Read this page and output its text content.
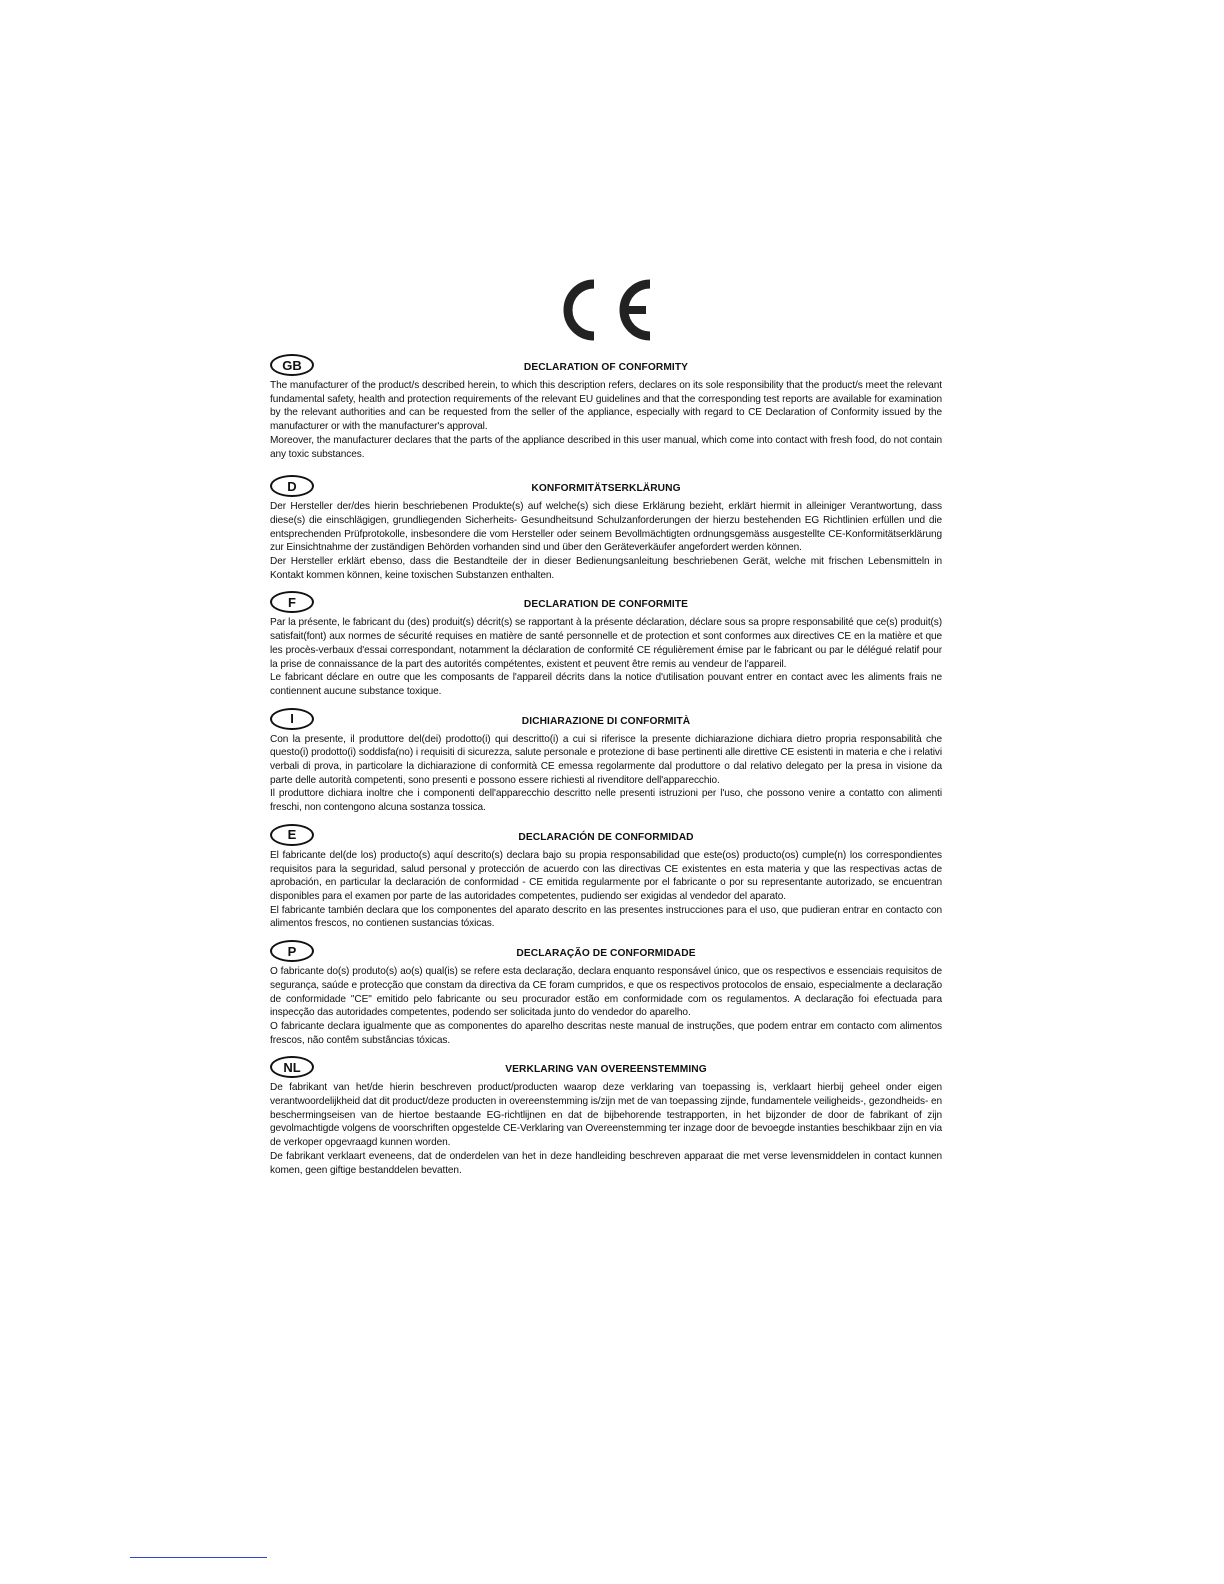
GB	DECLARATION OF CONFORMITY

The manufacturer of the product/s described herein, to which this description refers, declares on its sole responsibility that the product/s meet the relevant fundamental safety, health and protection requirements of the relevant EU guidelines and that the corresponding test reports are available for examination by the relevant authorities and can be requested from the seller of the appliance, especially with regard to CE Declaration of Conformity issued by the manufacturer or with the manufacturer's approval.

Moreover, the manufacturer declares that the parts of the appliance described in this user manual, which come into contact with fresh food, do not contain any toxic substances.

D	KONFORMITÄTSERKLÄRUNG

Der Hersteller der/des hierin beschriebenen Produkte(s) auf welche(s) sich diese Erklärung bezieht, erklärt hiermit in alleiniger Verantwortung, dass diese(s) die einschlägigen, grundliegenden Sicherheits- Gesundheitsund Schulzanforderungen der hierzu bestehenden EG Richtlinien erfüllen und die entsprechenden Prüfprotokolle, insbesondere die vom Hersteller oder seinem Bevollmächtigten ordnungsgemäss ausgestellte CE-Konformitätserklärung zur Einsichtnahme der zuständigen Behörden vorhanden sind und über den Geräteverkäufer angefordert werden können.

Der Hersteller erklärt ebenso, dass die Bestandteile der in dieser Bedienungsanleitung beschriebenen Gerät, welche mit frischen Lebensmitteln in Kontakt kommen können, keine toxischen Substanzen enthalten.

F	DECLARATION DE CONFORMITE

Par la présente, le fabricant du (des) produit(s) décrit(s) se rapportant à la présente déclaration, déclare sous sa propre responsabilité que ce(s) produit(s) satisfait(font) aux normes de sécurité requises en matière de santé personnelle et de protection et sont conformes aux directives CE en la matière et que les procès-verbaux d'essai correspondant, notamment la déclaration de conformité CE régulièrement émise par le fabricant ou par le délégué relatif pour la prise de connaissance de la part des autorités compétentes, existent et peuvent être remis au vendeur de l'appareil.

Le fabricant déclare en outre que les composants de l'appareil décrits dans la notice d'utilisation pouvant entrer en contact avec les aliments frais ne contiennent aucune substance toxique.

I	DICHIARAZIONE DI CONFORMITÀ

Con la presente, il produttore del(dei) prodotto(i) qui descritto(i) a cui si riferisce la presente dichiarazione dichiara dietro propria responsabilità che questo(i) prodotto(i) soddisfa(no) i requisiti di sicurezza, salute personale e protezione di base pertinenti alle direttive CE esistenti in materia e che i relativi verbali di prova, in particolare la dichiarazione di conformità CE emessa regolarmente dal produttore o dal relativo delegato per la presa in visione da parte delle autorità competenti, sono presenti e possono essere richiesti al rivenditore dell'apparecchio.

Il produttore dichiara inoltre che i componenti dell'apparecchio descritto nelle presenti istruzioni per l'uso, che possono venire a contatto con alimenti freschi, non contengono alcuna sostanza tossica.

E	DECLARACIÓN DE CONFORMIDAD

El fabricante del(de los) producto(s) aquí descrito(s) declara bajo su propia responsabilidad que este(os) producto(os) cumple(n) los correspondientes requisitos para la seguridad, salud personal y protección de acuerdo con las directivas CE existentes en esta materia y que las respectivas actas de aprobación, en particular la declaración de conformidad - CE emitida regularmente por el fabricante o por su representante autorizado, se encuentran disponibles para el examen por parte de las autoridades competentes, pudiendo ser exigidas al vendedor del aparato.

El fabricante también declara que los componentes del aparato descrito en las presentes instrucciones para el uso, que pudieran entrar en contacto con alimentos frescos, no contienen sustancias tóxicas.

P	DECLARAÇÃO DE CONFORMIDADE

O fabricante do(s) produto(s) ao(s) qual(is) se refere esta declaração, declara enquanto responsável único, que os respectivos e essenciais requisitos de segurança, saúde e protecção que constam da directiva da CE foram cumpridos, e que os respectivos protocolos de ensaio, especialmente a declaração de conformidade "CE" emitido pelo fabricante ou seu procurador estão em conformidade com os regulamentos. A declaração foi efectuada para inspecção das autoridades competentes, podendo ser solicitada junto do vendedor do aparelho.

O fabricante declara igualmente que as componentes do aparelho descritas neste manual de instruções, que podem entrar em contacto com alimentos frescos, não contêm substâncias tóxicas.

NL	VERKLARING VAN OVEREENSTEMMING

De fabrikant van het/de hierin beschreven product/producten waarop deze verklaring van toepassing is, verklaart hierbij geheel onder eigen verantwoordelijkheid dat dit product/deze producten in overeenstemming is/zijn met de van toepassing zijnde, fundamentele veiligheids-, gezondheids- en beschermingseisen van de hiertoe bestaande EG-richtlijnen en dat de bijbehorende testrapporten, in het bijzonder de door de fabrikant of zijn gevolmachtigde volgens de voorschriften opgestelde CE-Verklaring van Overeenstemming ter inzage door de bevoegde instanties beschikbaar zijn en via de verkoper opgevraagd kunnen worden.

De fabrikant verklaart eveneens, dat de onderdelen van het in deze handleiding beschreven apparaat die met verse levensmiddelen in contact kunnen komen, geen giftige bestanddelen bevatten.
